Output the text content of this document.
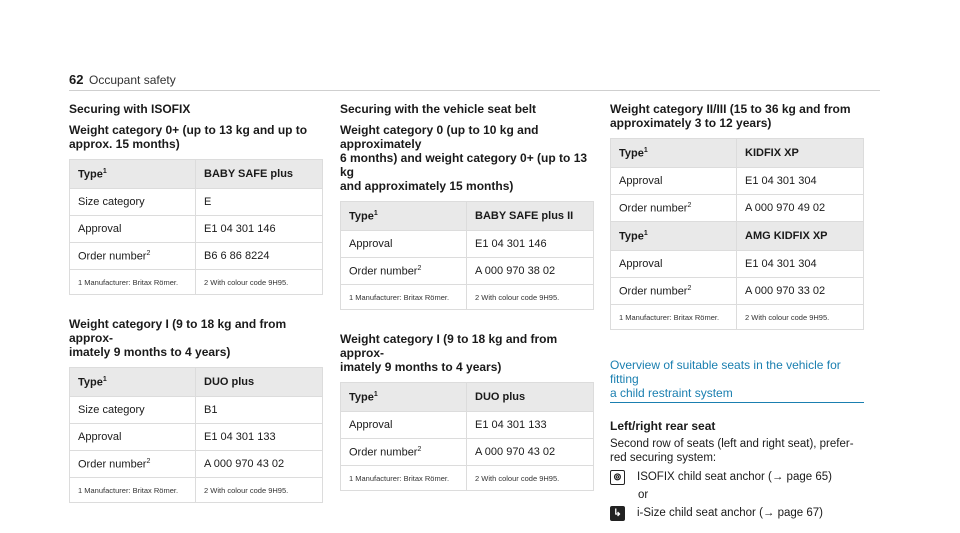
62 Occupant safety
Securing with ISOFIX
Weight category 0+ (up to 13 kg and up to
approx. 15 months)
Type$^1$	BABY SAFE plus
Size category	E
Approval	E1 04 301 146
Order number$^2$	B6 6 86 8224
1 Manufacturer: Britax Römer.	2 With colour code 9H95.
Weight category I (9 to 18 kg and from approx-
imately 9 months to 4 years)
Type$^1$	DUO plus
Size category	B1
Approval	E1 04 301 133
Order number$^2$	A 000 970 43 02
1 Manufacturer: Britax Römer.	2 With colour code 9H95.
Securing with the vehicle seat belt
Weight category 0 (up to 10 kg and approximately
6 months) and weight category 0+ (up to 13 kg
and approximately 15 months)
Type$^1$	BABY SAFE plus II
Approval	E1 04 301 146
Order number$^2$	A 000 970 38 02
1 Manufacturer: Britax Römer.	2 With colour code 9H95.
Weight category I (9 to 18 kg and from approx-
imately 9 months to 4 years)
Type$^1$	DUO plus
Approval	E1 04 301 133
Order number$^2$	A 000 970 43 02
1 Manufacturer: Britax Römer.	2 With colour code 9H95.
Weight category II/III (15 to 36 kg and from
approximately 3 to 12 years)
Type$^1$	KIDFIX XP
Approval	E1 04 301 304
Order number$^2$	A 000 970 49 02
Type$^1$	AMG KIDFIX XP
Approval	E1 04 301 304
Order number$^2$	A 000 970 33 02
1 Manufacturer: Britax Römer.	2 With colour code 9H95.
Overview of suitable seats in the vehicle for fitting
a child restraint system
Left/right rear seat
Second row of seats (left and right seat), prefer-
red securing system:
⊚ ISOFIX child seat anchor (→ page 65)
or
↳ i-Size child seat anchor (→ page 67)
